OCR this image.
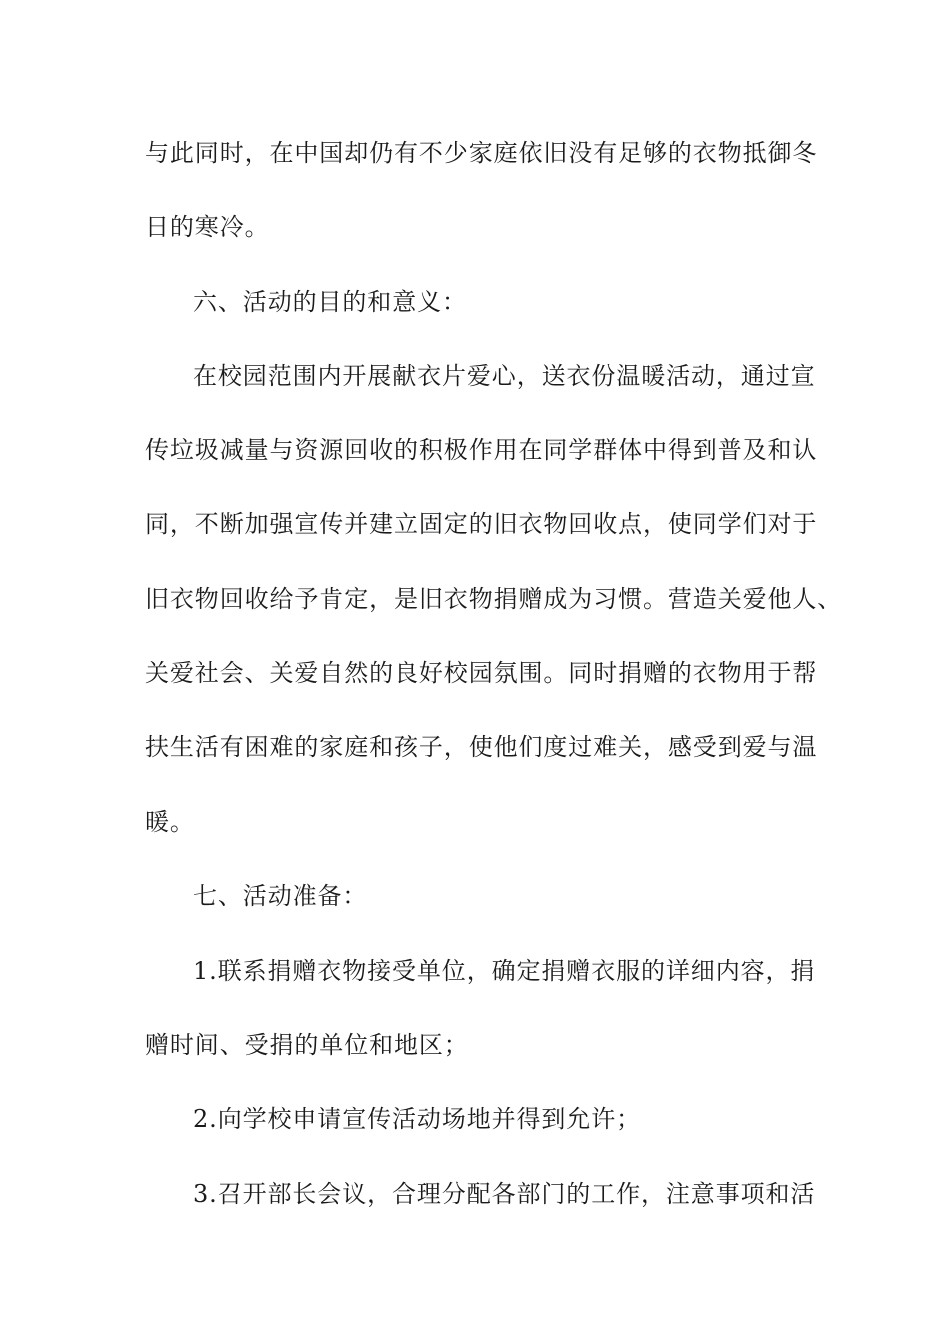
与此同时，在中国却仍有不少家庭依旧没有足够的衣物抵御冬
日的寒冷。
六、活动的目的和意义：
在校园范围内开展献衣片爱心，送衣份温暖活动，通过宣
传垃圾减量与资源回收的积极作用在同学群体中得到普及和认
同，不断加强宣传并建立固定的旧衣物回收点，使同学们对于
旧衣物回收给予肯定，是旧衣物捐赠成为习惯。营造关爱他人、
关爱社会、关爱自然的良好校园氛围。同时捐赠的衣物用于帮
扶生活有困难的家庭和孩子，使他们度过难关，感受到爱与温
暖。
七、活动准备：
1.联系捐赠衣物接受单位，确定捐赠衣服的详细内容，捐
赠时间、受捐的单位和地区；
2.向学校申请宣传活动场地并得到允许；
3.召开部长会议，合理分配各部门的工作，注意事项和活
